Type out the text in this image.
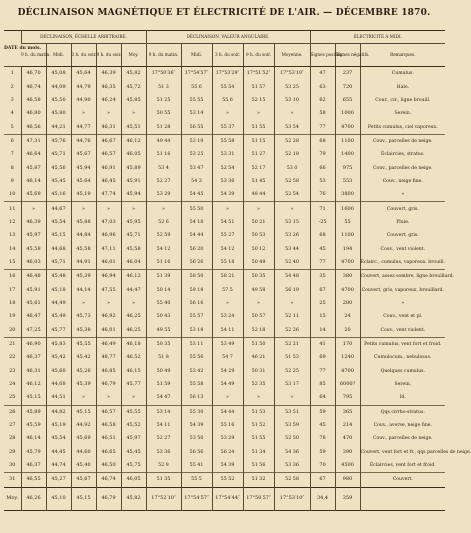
DÉCLINAISON MAGNÉTIQUE ET ÉLECTRICITÉ DE L'AIR. — DÉCEMBRE 1870.
DATE du mois.	DÉCLINAISON, ÉCHELLE ARBITRAIRE.					DÉCLINAISON, VALEUR ANGULAIRE.					ÉLECTRICITÉ A MIDI.		
	9 h. du matin.	Midi.	3 h. du soir.	9 h. du soir.	Moy.	9 h. du matin.	Midi.	3 h. du soir.	9 h. du soir.	Moyenne.	Signes positifs.	Signes négatifs.	Remarques.
1	46,70	45,08	45,64	46,39	45,82	17°50′36″	17°54′57″	17°53′29″	17°51′52″	17°53′10″	47	237	Cumulus.
2	46,74	44,09	44,79	46,35	45,72	51 3	55 6	55 54	51 57	53 25	63	720	Halo.
3	46,58	45,50	44,90	46,24	45,85	51 25	55 55	55 6	52 15	53 10	62	655	Cour., cir., ligne brouill.
4	46,80	45,80	»	»	»	50 55	53 14	»	»	»	58	1000	Serein.
5	46,56	44,21	44,77	46,31	45,51	51 28	56 55	55 37	51 55	53 54	77	4700	Petits cumulus, ciel vaporeux.
6	47,31	45,76	44,76	46,67	46,12	49 44	53 19	55 58	51 15	52 28	68	1100	Couv., parcelles de neige.
7	46,64	45,71	45,67	46,57	46,05	51 16	53 25	53 31	51 27	52 18	79	1400	Éclaircies, stratus.
8	45,87	45,56	45,94	46,91	45,89	53 4	53 47	52 54	52 17	53 0	66	975	Couv., parcelles de neige.
9	46,14	45,45	45,64	46,45	45,91	52 27	54 3	53 36	51 45	52 58	53	553	Couv., neige fine.
10	45,69	45,16	45,19	47,74	45,94	53 29	54 45	54 39	48 44	52 54	76	3800	»
11	»	44,67	»	»	»	»	55 50	»	»	»	71	1600	Couvert, gris.
12	46,39	45,54	45,88	47,03	45,95	52 6	54 18	54 51	50 21	53 15	-25	55	Pluie.
13	45,97	45,15	44,84	46,96	45,71	52 59	54 44	55 27	50 53	53 26	68	1100	Couvert, gris.
14	45,58	44,68	45,58	47,11	45,58	54 12	56 20	54 12	50 12	53 44	45	194	Couv., vent violent.
15	46,03	45,71	44,91	46,01	46,04	51 16	56 26	55 18	50 49	52 40	77	4700	Éclairc., cumulus, vaporeux. brouill.
16	46,48	45,48	45,39	46,94	46,12	51 39	58 50	58 21	50 35	54 48	35	380	Couvert, assez sombre, ligne brouillard.
17	45,91	45,18	44,14	47,55	44,47	50 14	59 18	57 5	49 58	56 19	67	4700	Couvert, gris, vaporeux, brouillard.
18	45,61	44,49	»	»	»	55 40	56 16	»	»	»	25	280	»
19	46,47	45,49	45,73	46,92	46,25	50 43	55 57	53 24	50 57	52 11	15	24	Couv., vent et pl.
20	47,25	45,77	45,38	46,01	46,25	49 55	53 18	54 11	52 18	52 26	14	20	Couv., vent violent.
21	46,90	45,83	45,55	46,49	46,18	50 35	53 11	53 49	51 50	52 21	41	170	Petits cumulus, vent fort et froid.
22	46,37	45,42	45,42	48,77	46,52	51 8	55 56	54 7	46 21	51 53	69	1240	Cumulocum., nebulosus.
23	46,31	45,60	45,26	46,85	46,15	50 49	53 42	54 29	50 31	52 25	77	4700	Quelques cumulus.
24	46,12	44,68	45,39	46,79	45,77	51 59	55 58	54 49	52 35	53 17	85	6000?	Serein.
25	45,15	44,51	»	»	»	54 47	56 13	»	»	»	64	795	Id.
26	45,89	44,82	45,15	46,57	45,55	53 14	55 30	54 44	51 53	53 51	59	365	Qqs cirrho-stratus.
27	45,59	45,19	44,92	46,58	45,52	54 11	54 39	55 16	51 52	53 59	45	214	Couv., averse, neige fine.
28	46,14	45,54	45,69	46,51	45,97	52 27	53 50	53 29	51 55	52 50	78	470	Couv., parcelles de neige.
29	45,79	44,45	44,60	46,65	45,45	53 36	56 56	56 24	51 34	54 36	59	390	Couvert, vent fort et fr., qqs parcelles de neige.
30	46,37	44,74	45,40	46,50	45,75	52 8	55 41	54 39	51 56	53 36	70	4500	Éclaircies, vent fort et froid.
31	46,55	45,27	45,67	46,74	46,05	51 35	55 5	55 52	51 32	52 58	67	980	Couvert.
Moy.	46,26	45,10	45,15	46,79	45,82	17°52′10″	17°54′57″	17°54′44″	17°50′57″	17°53′10″	34,4	359	
